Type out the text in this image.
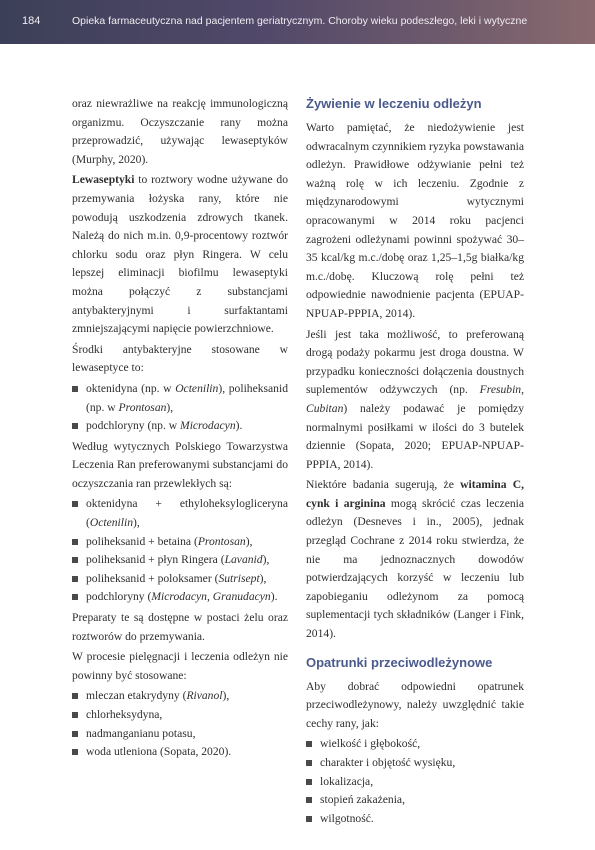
184	Opieka farmaceutyczna nad pacjentem geriatrycznym. Choroby wieku podeszłego, leki i wytyczne

oraz niewrażliwe na reakcję immunologiczną organizmu. Oczyszczanie rany można przeprowadzić, używając lewaseptyków (Murphy, 2020).

Lewaseptyki to roztwory wodne używane do przemywania łożyska rany, które nie powodują uszkodzenia zdrowych tkanek. Należą do nich m.in. 0,9-procentowy roztwór chlorku sodu oraz płyn Ringera. W celu lepszej eliminacji biofilmu lewaseptyki można połączyć z substancjami antybakteryjnymi i surfaktantami zmniejszającymi napięcie powierzchniowe.

Środki antybakteryjne stosowane w lewaseptyce to:

oktenidyna (np. w Octenilin), poliheksanid (np. w Prontosan),
podchloryny (np. w Microdacyn).

Według wytycznych Polskiego Towarzystwa Leczenia Ran preferowanymi substancjami do oczyszczania ran przewlekłych są:

oktenidyna + ethyloheksylogliceryna (Octenilin),
poliheksanid + betaina (Prontosan),
poliheksanid + płyn Ringera (Lavanid),
poliheksanid + poloksamer (Sutrisept),
podchloryny (Microdacyn, Granudacyn).

Preparaty te są dostępne w postaci żelu oraz roztworów do przemywania.

W procesie pielęgnacji i leczenia odleżyn nie powinny być stosowane:

mleczan etakrydyny (Rivanol),
chlorheksydyna,
nadmanganianu potasu,
woda utleniona (Sopata, 2020).
Żywienie w leczeniu odleżyn

Warto pamiętać, że niedożywienie jest odwracalnym czynnikiem ryzyka powstawania odleżyn. Prawidłowe odżywianie pełni też ważną rolę w ich leczeniu. Zgodnie z międzynarodowymi wytycznymi opracowanymi w 2014 roku pacjenci zagrożeni odleżynami powinni spożywać 30–35 kcal/kg m.c./dobę oraz 1,25–1,5g białka/kg m.c./dobę. Kluczową rolę pełni też odpowiednie nawodnienie pacjenta (EPUAP-NPUAP-PPPIA, 2014).

Jeśli jest taka możliwość, to preferowaną drogą podaży pokarmu jest droga doustna. W przypadku konieczności dołączenia doustnych suplementów odżywczych (np. Fresubin, Cubitan) należy podawać je pomiędzy normalnymi posiłkami w ilości do 3 butelek dziennie (Sopata, 2020; EPUAP-NPUAP-PPPIA, 2014).

Niektóre badania sugerują, że witamina C, cynk i arginina mogą skrócić czas leczenia odleżyn (Desneves i in., 2005), jednak przegląd Cochrane z 2014 roku stwierdza, że nie ma jednoznacznych dowodów potwierdzających korzyść w leczeniu lub zapobieganiu odleżynom za pomocą suplementacji tych składników (Langer i Fink, 2014).

Opatrunki przeciwodleżynowe

Aby dobrać odpowiedni opatrunek przeciwodleżynowy, należy uwzględnić takie cechy rany, jak:

wielkość i głębokość,
charakter i objętość wysięku,
lokalizacja,
stopień zakażenia,
wilgotność.
